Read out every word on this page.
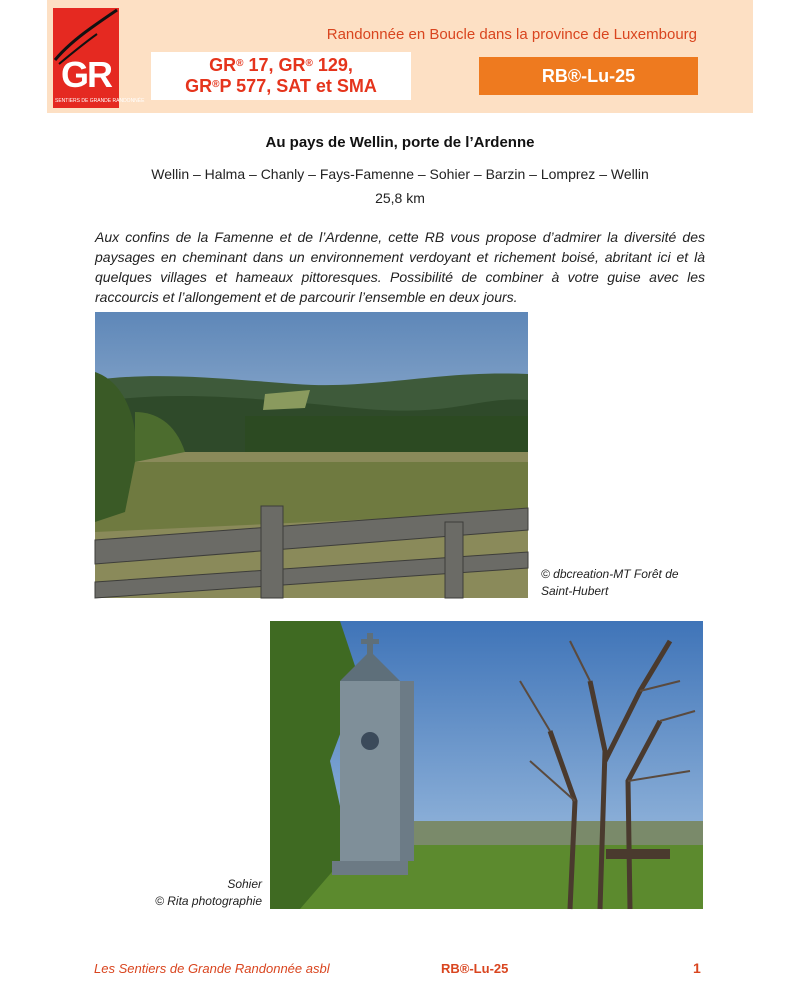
GR
SENTIERS DE GRANDE RANDONNÉE
Randonnée en Boucle dans la province de Luxembourg
GR® 17, GR® 129,
GR®P 577, SAT et SMA	RB®-Lu-25
Au pays de Wellin, porte de l’Ardenne
Wellin – Halma – Chanly – Fays-Famenne – Sohier – Barzin – Lomprez – Wellin
25,8 km
Aux confins de la Famenne et de l’Ardenne, cette RB vous propose d’admirer la diversité des paysages en cheminant dans un environnement verdoyant et richement boisé, abritant ici et là quelques villages et hameaux pittoresques. Possibilité de combiner à votre guise avec les raccourcis et l’allongement et de parcourir l’ensemble en deux jours.
© dbcreation-MT Forêt de
Saint-Hubert
Sohier
© Rita photographie
Les Sentiers de Grande Randonnée asbl	RB®-Lu-25	1
